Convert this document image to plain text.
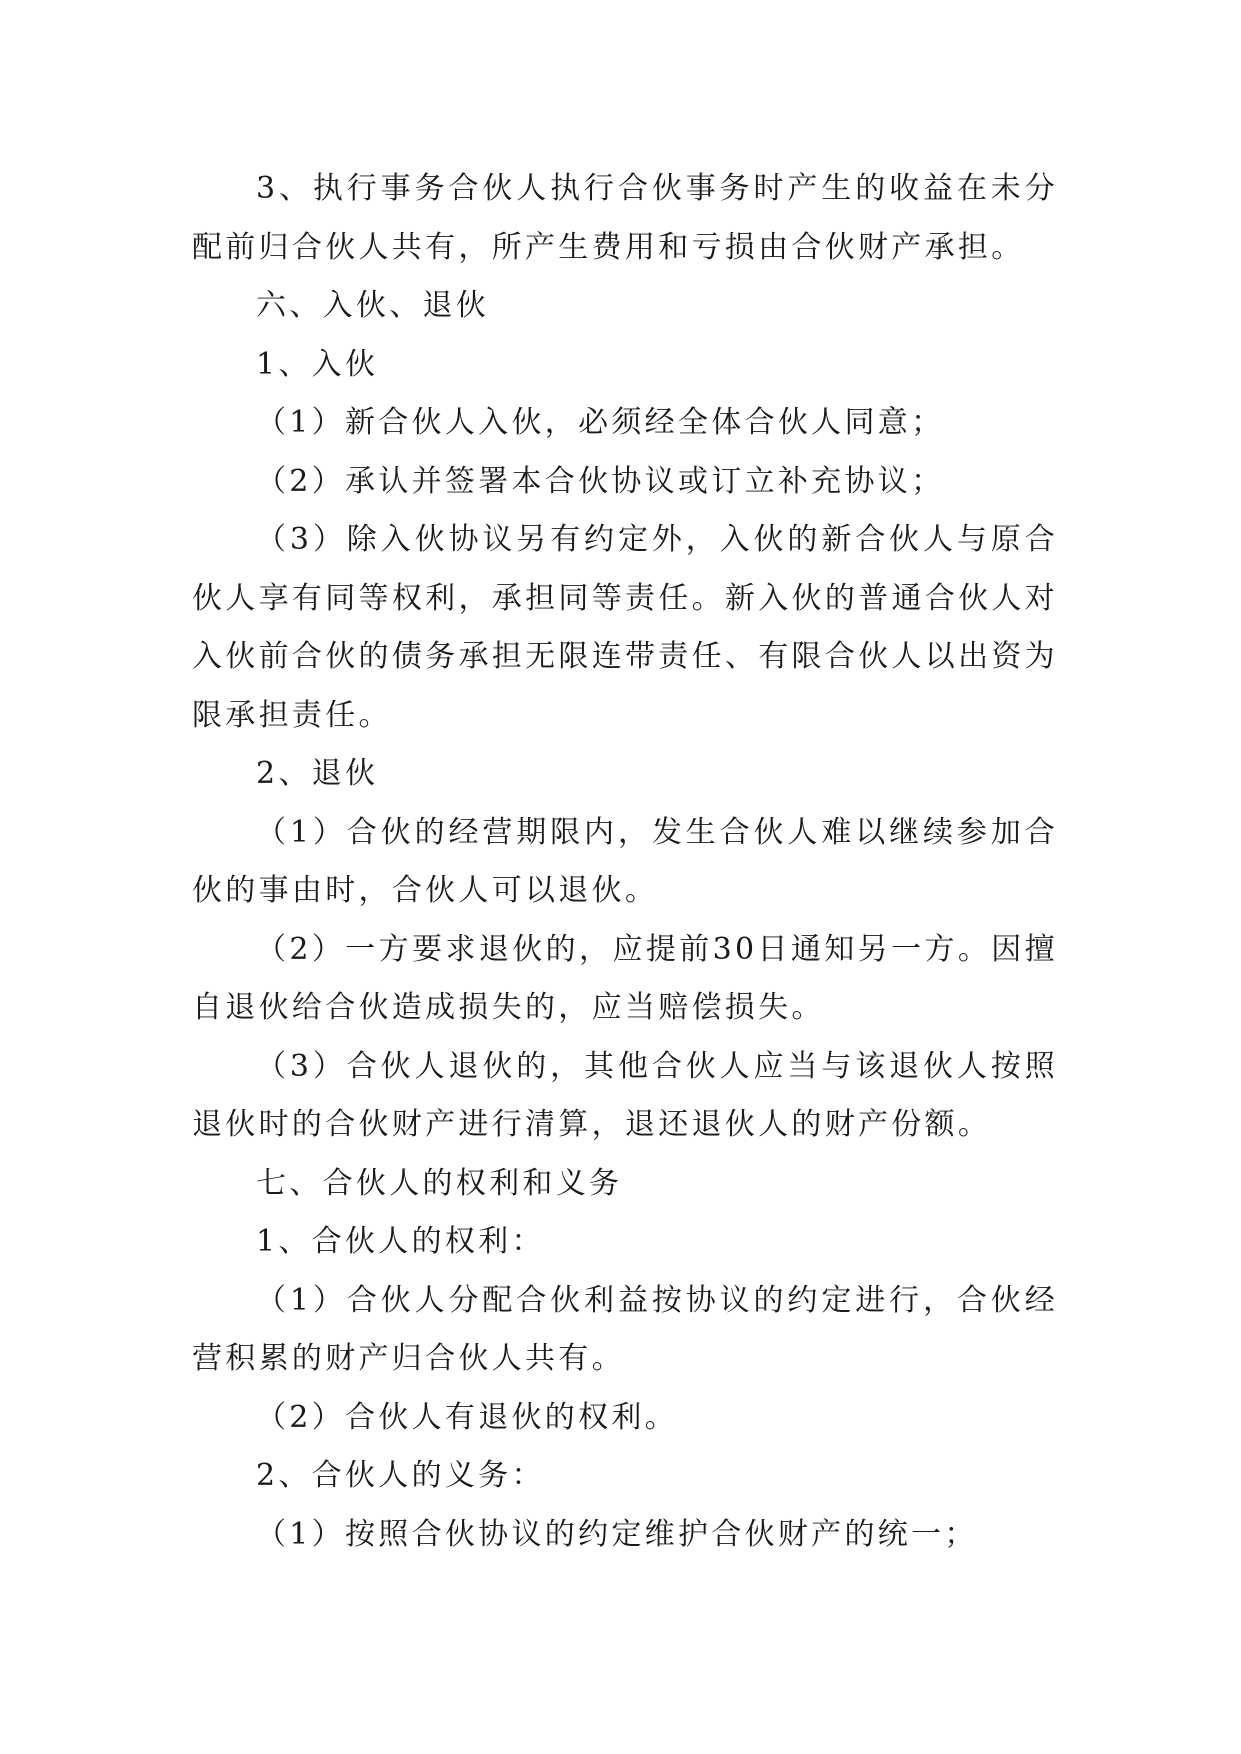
3、执行事务合伙人执行合伙事务时产生的收益在未分配前归合伙人共有，所产生费用和亏损由合伙财产承担。

六、入伙、退伙

1、入伙

（1）新合伙人入伙，必须经全体合伙人同意；

（2）承认并签署本合伙协议或订立补充协议；

（3）除入伙协议另有约定外，入伙的新合伙人与原合伙人享有同等权利，承担同等责任。新入伙的普通合伙人对入伙前合伙的债务承担无限连带责任、有限合伙人以出资为限承担责任。

2、退伙

（1）合伙的经营期限内，发生合伙人难以继续参加合伙的事由时，合伙人可以退伙。

（2）一方要求退伙的，应提前30日通知另一方。因擅自退伙给合伙造成损失的，应当赔偿损失。

（3）合伙人退伙的，其他合伙人应当与该退伙人按照退伙时的合伙财产进行清算，退还退伙人的财产份额。

七、合伙人的权利和义务

1、合伙人的权利：

（1）合伙人分配合伙利益按协议的约定进行，合伙经营积累的财产归合伙人共有。

（2）合伙人有退伙的权利。

2、合伙人的义务：

（1）按照合伙协议的约定维护合伙财产的统一；
